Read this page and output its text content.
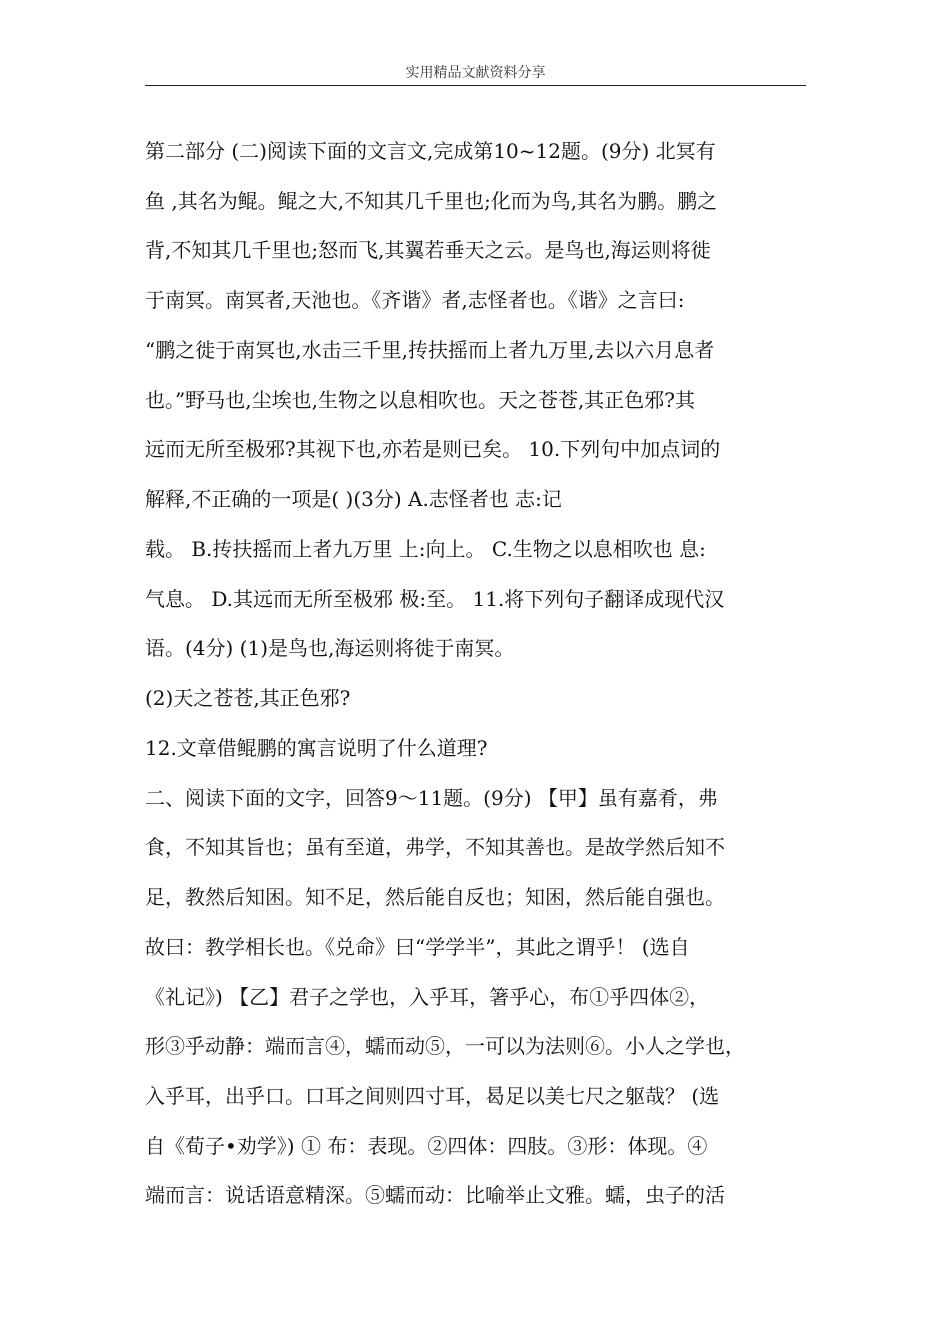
实用精品文献资料分享
第二部分 (二)阅读下面的文言文,完成第10~12题。(9分) 北冥有
鱼 ,其名为鲲。鲲之大,不知其几千里也;化而为鸟,其名为鹏。鹏之
背,不知其几千里也;怒而飞,其翼若垂天之云。是鸟也,海运则将徙
于南冥。南冥者,天池也。《齐谐》者,志怪者也。《谐》之言曰:
“鹏之徙于南冥也,水击三千里,抟扶摇而上者九万里,去以六月息者
也。”野马也,尘埃也,生物之以息相吹也。天之苍苍,其正色邪?其
远而无所至极邪?其视下也,亦若是则已矣。 10.下列句中加点词的
解释,不正确的一项是( )(3分) A.志怪者也 志:记
载。 B.抟扶摇而上者九万里 上:向上。 C.生物之以息相吹也 息:
气息。 D.其远而无所至极邪 极:至。 11.将下列句子翻译成现代汉
语。(4分) (1)是鸟也,海运则将徙于南冥。
(2)天之苍苍,其正色邪?
12.文章借鲲鹏的寓言说明了什么道理?
二、阅读下面的文字，回答9～11题。(9分) 【甲】虽有嘉肴，弗
食，不知其旨也；虽有至道，弗学，不知其善也。是故学然后知不
足，教然后知困。知不足，然后能自反也；知困，然后能自强也。
故曰：教学相长也。《兑命》曰“学学半”，其此之谓乎！ (选自
《礼记》) 【乙】君子之学也，入乎耳，箸乎心，布①乎四体②，
形③乎动静：端而言④，蠕而动⑤，一可以为法则⑥。小人之学也，
入乎耳，出乎口。口耳之间则四寸耳，曷足以美七尺之躯哉？ (选
自《荀子•劝学》) ① 布：表现。②四体：四肢。③形：体现。④
端而言：说话语意精深。⑤蠕而动：比喻举止文雅。蠕，虫子的活
